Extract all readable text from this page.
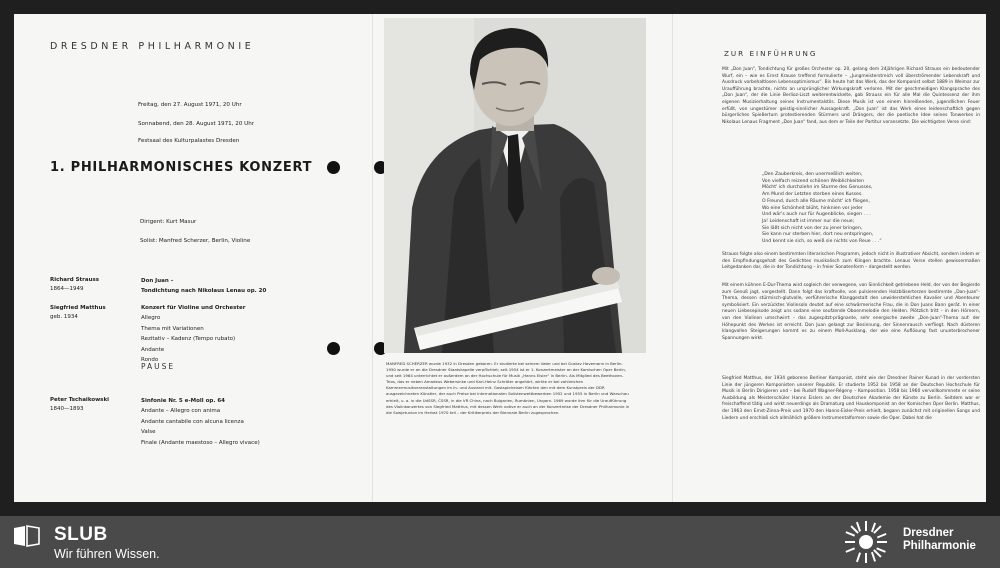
DRESDNER PHILHARMONIE
Freitag, den 27. August 1971, 20 Uhr
Sonnabend, den 28. August 1971, 20 Uhr
Festsaal des Kulturpalastes Dresden
1. PHILHARMONISCHES KONZERT
Dirigent: Kurt Masur
Solist: Manfred Scherzer, Berlin, Violine
Richard Strauss
1864—1949
Don Juan –
Tondichtung nach Nikolaus Lenau op. 20
Siegfried Matthus
geb. 1934
Konzert für Violine und Orchester
Allegro
Thema mit Variationen
Rezitativ – Kadenz (Tempo rubato)
Andante
Rondo
PAUSE
Peter Tschaikowski
1840—1893
Sinfonie Nr. 5 e-Moll op. 64
Andante – Allegro con anima
Andante cantabile con alcuna licenza
Valse
Finale (Andante maestoso – Allegro vivace)
MANFRED SCHERZER wurde 1932 in Dresden geboren. Er studierte bei seinem Vater und bei Gustav Havemann in Berlin. 1950 wurde er an die Dresdner Staatskapelle verpflichtet; seit 1954 ist er 1. Konzertmeister an der Komischen Oper Berlin, und seit 1964 unterrichtet er außerdem an der Hochschule für Musik „Hanns Eisler“ in Berlin. Als Mitglied des Beethoven-Trios, das er neben Amadeus Webersinke und Karl-Heinz Schröter angehört, wirkte er bei zahlreichen Kammermusikveranstaltungen im In- und Ausland mit. Gastspielreisen führten den mit dem Kunstpreis der DDR ausgezeichneten Künstler, der auch Preise bei internationalen Solistenwettbewerben 1952 und 1955 in Berlin und Warschau erhielt, u. a. in die UdSSR, ČSSR, in die VR China, nach Bulgarien, Rumänien, Ungarn. 1969 wurde ihm für die Uraufführung des Violinkonzertes von Siegfried Matthus, mit dessen Werk votive er auch an der Konzertreise der Dresdner Philharmonie in die Sowjetunion im Herbst 1970 teil – der Kritikerpreis der Biennale Berlin zugesprochen.
ZUR EINFÜHRUNG
Mit „Don Juan“, Tondichtung für großes Orchester op. 20, gelang dem 24jährigen Richard Strauss ein bedeutender Wurf, ein – wie es Ernst Krause treffend formulierte – „Jungmeisterstreich voll überströmender Lebenskraft und Ausdruck vorbehaltlosen Lebensoptimismus“. Bis heute hat das Werk, das der Komponist selbst 1889 in Weimar zur Uraufführung brachte, nichts an ursprünglicher Wirkungskraft verloren. Mit der geschmeidigen Klangsprache des „Don Juan“, der die Linie Berlioz-Liszt weiterentwickelte, gab Strauss ein für alle Mal die Quintessenz der ihm eigenen Musizierhaltung seines Instrumentalstils. Diese Musik ist von einem hinreißenden, jugendlichen Feuer erfüllt, von ungestümer geistig-sinnlicher Aussagekraft. „Don Juan“ ist das Werk eines leidenschaftlich gegen bürgerliches Spießertum protestierenden Stürmers und Drängers, der die poetische Idee seines Tonwerkes in Nikolaus Lenaus Fragment „Don Juan“ fand, aus dem er Teile der Partitur voransetzte. Die wichtigsten Verse sind:
„Den Zauberkreis, den unermeßlich weiten,
Von vielfach reizend schönen Weiblichkeiten
Möcht' ich durchziehn im Sturme des Genusses,
Am Mund der Letzten sterben eines Kusses.
O Freund, durch alle Räume möcht' ich fliegen,
Wo eine Schönheit blüht, hinknien vor jeder
Und wär's auch nur für Augenblicke, siegen . . .
Ja! Leidenschaft ist immer nur die neue;
Sie läßt sich nicht von der zu jener bringen,
Sie kann nur sterben hier, dort neu entspringen,
Und kennt sie sich, so weiß sie nichts von Reue . . .“
Strauss folgte also einem bestimmten literarischen Programm, jedoch nicht in illustrativer Absicht, sondern indem er den Empfindungsgehalt des Gedichtes musikalisch zum Klingen brachte. Lenaus Verse stellen gewissermaßen Leitgedanken dar, die in der Tondichtung – in freier Sonatenform – dargestellt werden.
Mit einem kühnen E-Dur-Thema wird sogleich der verwegene, von Sinnlichkeit getriebene Held, der von der Begierde zum Genuß jagt, vorgestellt. Dann folgt das kraftvolle, von pulsierenden Holzbläserterzen bestimmte „Don-Juan“-Thema, dessen stürmisch-glutvolle, verführerische Klanggestalt den unwiderstehlichen Kavalier und Abenteurer symbolisiert. Ein verzücktes Violinsolo deutet auf eine schwärmerische Frau, die in Don Juans Bann gerät. In einer neuen Liebesepisode zeigt uns sodann eine seufzende Oboenmelodie den Helden. Plötzlich tritt – in den Hörnern, von den Violinen umschwirrt – das zugespitzt-prägnante, sehr energische zweite „Don-Juan“-Thema auf: der Höhepunkt des Werkes ist erreicht. Don Juan gelangt zur Besinnung, der Sinnenrausch verfliegt. Nach düsteren klangvollen Steigerungen kommt es zu einem Moll-Ausklang, der wie eine Auflösung fast ununterbrochener Spannungen wirkt.
Siegfried Matthus, der 1934 geborene Berliner Komponist, steht wie der Dresdner Rainer Kunad in der vordersten Linie der jüngeren Komponisten unserer Republik. Er studierte 1952 bis 1958 an der Deutschen Hochschule für Musik in Berlin Dirigieren und – bei Rudolf Wagner-Régeny – Komposition. 1958 bis 1960 vervollkommnete er seine Ausbildung als Meisterschüler Hanns Eislers an der Deutschen Akademie der Künste zu Berlin. Seitdem war er freischaffend tätig und wirkt neuerdings als Dramaturg und Hauskomponist an der Komischen Oper Berlin. Matthus, der 1963 den Ernst-Zinna-Preis und 1970 den Hanns-Eisler-Preis erhielt, begann zunächst mit originellen Songs und Liedern und erschloß sich allmählich größere Instrumentalformen sowie die Oper. Dabei hat die
SLUB
Wir führen Wissen.
Dresdner
Philharmonie
